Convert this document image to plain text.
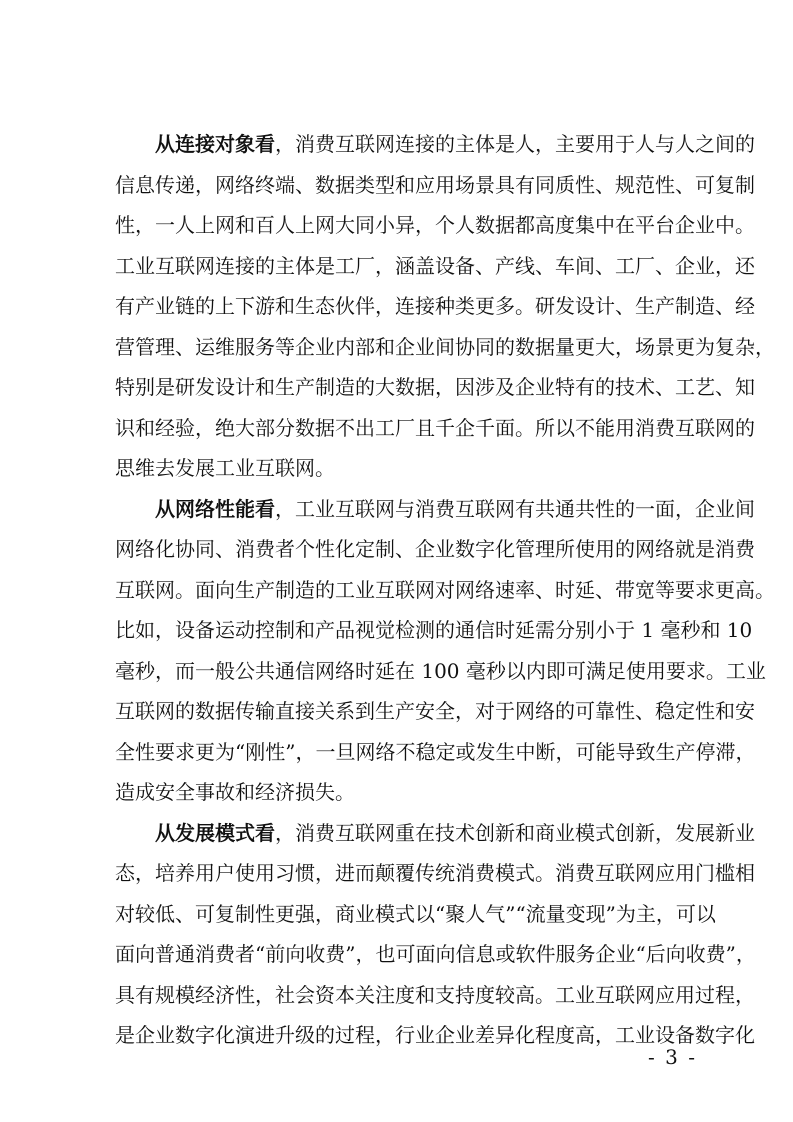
从连接对象看，消费互联网连接的主体是人，主要用于人与人之间的
信息传递，网络终端、数据类型和应用场景具有同质性、规范性、可复制
性，一人上网和百人上网大同小异，个人数据都高度集中在平台企业中。
工业互联网连接的主体是工厂，涵盖设备、产线、车间、工厂、企业，还
有产业链的上下游和生态伙伴，连接种类更多。研发设计、生产制造、经
营管理、运维服务等企业内部和企业间协同的数据量更大，场景更为复杂，
特别是研发设计和生产制造的大数据，因涉及企业特有的技术、工艺、知
识和经验，绝大部分数据不出工厂且千企千面。所以不能用消费互联网的
思维去发展工业互联网。
从网络性能看，工业互联网与消费互联网有共通共性的一面，企业间
网络化协同、消费者个性化定制、企业数字化管理所使用的网络就是消费
互联网。面向生产制造的工业互联网对网络速率、时延、带宽等要求更高。
比如，设备运动控制和产品视觉检测的通信时延需分别小于 1 毫秒和 10
毫秒，而一般公共通信网络时延在 100 毫秒以内即可满足使用要求。工业
互联网的数据传输直接关系到生产安全，对于网络的可靠性、稳定性和安
全性要求更为“刚性”，一旦网络不稳定或发生中断，可能导致生产停滞，
造成安全事故和经济损失。
从发展模式看，消费互联网重在技术创新和商业模式创新，发展新业
态，培养用户使用习惯，进而颠覆传统消费模式。消费互联网应用门槛相
对较低、可复制性更强，商业模式以“聚人气”“流量变现”为主，可以
面向普通消费者“前向收费”，也可面向信息或软件服务企业“后向收费”，
具有规模经济性，社会资本关注度和支持度较高。工业互联网应用过程，
是企业数字化演进升级的过程，行业企业差异化程度高，工业设备数字化
- 3 -
